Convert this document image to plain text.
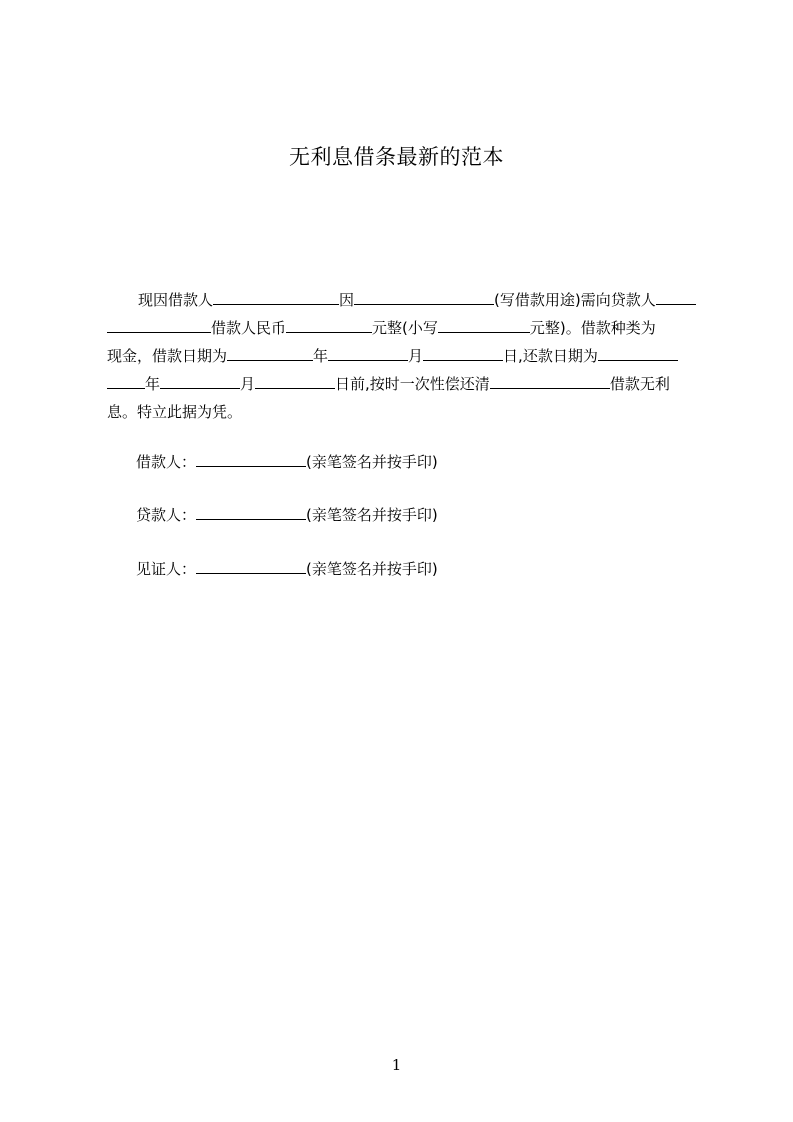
无利息借条最新的范本
现因借款人	因	(写借款用途)需向贷款人
借款人民币	元整(小写	元整)。借款种类为
现金，借款日期为	年	月	日,还款日期为
年	月	日前,按时一次性偿还清	借款无利
息。特立此据为凭。
借款人：	(亲笔签名并按手印)
贷款人：	(亲笔签名并按手印)
见证人：	(亲笔签名并按手印)
1
